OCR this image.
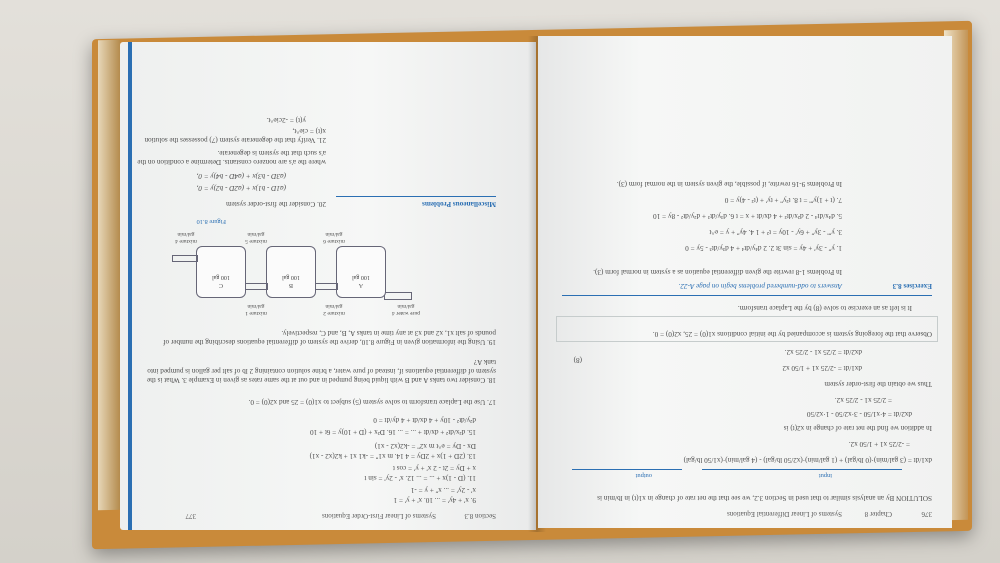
Section 8.3
Systems of Linear First-Order Equations
377
9. x' + 4y' = ... 10. x' + y' = 1
x' - 2y' = ... x'' + y = -1
11. (D - 1)x + ... = ... 12. x' - 2y' = sin t
x + Dy = 2t - 2 x' + y' = cos t
13. (2D + 1)x + 2Dy = 4 14. m x1'' = -k1 x1 + k2(x2 - x1)
Dx - Dy = e^t m x2'' = -k2(x2 - x1)
15. d²x/dt² + dx/dt + ... = ... 16. D²x + (D + 10)y = 6t + 10
d²y/dt² - 10y + 4 dx/dt + 4 dy/dt = 0
17. Use the Laplace transform to solve system (5) subject to x1(0) = 25 and x2(0) = 0.
18. Consider two tanks A and B with liquid being pumped in and out at the same rates as given in Example 3. What is the system of differential equations if, instead of pure water, a brine solution containing 2 lb of salt per gallon is pumped into tank A?
19. Using the information given in Figure 8.10, derive the system of differential equations describing the number of pounds of salt x1, x2 and x3 at any time in tanks A, B, and C, respectively.
pure water 4 gal/min
mixture 2 gal/min
mixture 1 gal/min
A
100 gal
B
100 gal
C
100 gal
mixture 6 gal/min
mixture 5 gal/min
mixture 4 gal/min
Figure 8.10
Miscellaneous Problems
20. Consider the first-order system
(a1D - b1)x + (a2D - b2)y = 0,
(a3D - b3)x + (a4D - b4)y = 0,
where the a's are nonzero constants. Determine a condition on the a's such that the system is degenerate.
21. Verify that the degenerate system (7) possesses the solution x(t) = cie^t,
y(t) = -2cie^t.
376
Chapter 8
Systems of Linear Differential Equations
SOLUTION By an analysis similar to that used in Section 3.2, we see that the net rate of change in x1(t) in lb/min is
input
output
dx1/dt = (3 gal/min)·(0 lb/gal) + (1 gal/min)·(x2/50 lb/gal) - (4 gal/min)·(x1/50 lb/gal)
= -2/25 x1 + 1/50 x2.
In addition we find the net rate of change in x2(t) is
dx2/dt = 4·x1/50 - 3·x2/50 - 1·x2/50
= 2/25 x1 - 2/25 x2.
Thus we obtain the first-order system
dx1/dt = -2/25 x1 + 1/50 x2
dx2/dt = 2/25 x1 - 2/25 x2.
(8)
Observe that the foregoing system is accompanied by the initial conditions x1(0) = 25, x2(0) = 0.
It is left as an exercise to solve (8) by the Laplace transform.
Exercises 8.3
Answers to odd-numbered problems begin on page A-22.
In Problems 1-8 rewrite the given differential equation as a system in normal form (3).
1. y'' - 3y' + 4y = sin 3t 2. 2 d⁴y/dt⁴ + 4 d³y/dt³ - 5y = 0
3. y''' - 3y'' + 6y' - 10y = t² + 1 4. 4y'' + y = e^t
5. d⁴x/dt⁴ - 2 d²x/dt² + 4 dx/dt + x = t 6. d³y/dt³ + d²y/dt² - 8y = 10
7. (t + 1)y''' = t 8. t²y'' + ty' + (t² - 4)y = 0
In Problems 9-16 rewrite, if possible, the given system in the normal form (3).
